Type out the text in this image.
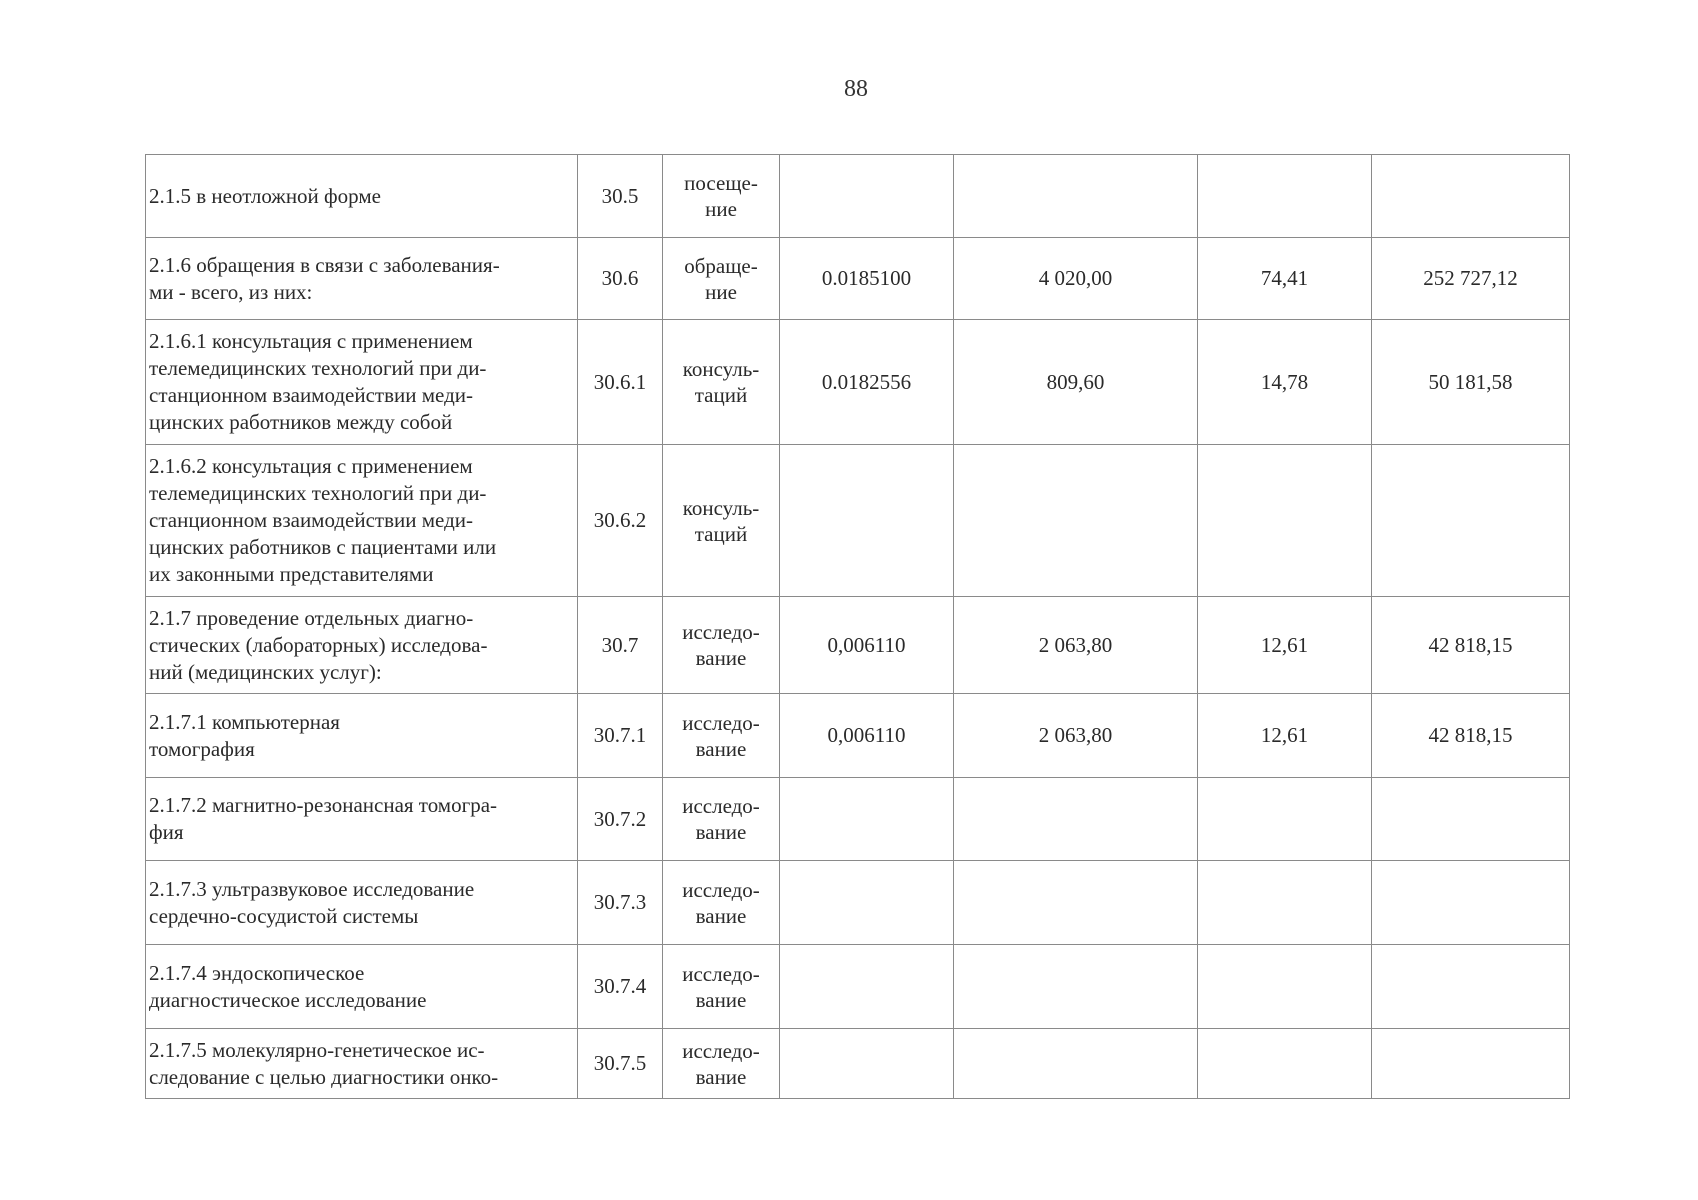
88
2.1.5 в неотложной форме	30.5	посеще-
ние				

2.1.6 обращения в связи с заболевания-
ми - всего, из них:	30.6	обраще-
ние	0.0185100	4 020,00	74,41	252 727,12

2.1.6.1 консультация с применением
телемедицинских технологий при ди-
станционном взаимодействии меди-
цинских работников между собой	30.6.1	консуль-
таций	0.0182556	809,60	14,78	50 181,58

2.1.6.2 консультация с применением
телемедицинских технологий при ди-
станционном взаимодействии меди-
цинских работников с пациентами или
их законными представителями	30.6.2	консуль-
таций				

2.1.7 проведение отдельных диагно-
стических (лабораторных) исследова-
ний (медицинских услуг):	30.7	исследо-
вание	0,006110	2 063,80	12,61	42 818,15

2.1.7.1 компьютерная
томография	30.7.1	исследо-
вание	0,006110	2 063,80	12,61	42 818,15

2.1.7.2 магнитно-резонансная томогра-
фия	30.7.2	исследо-
вание				

2.1.7.3 ультразвуковое исследование
сердечно-сосудистой системы	30.7.3	исследо-
вание				

2.1.7.4 эндоскопическое
диагностическое исследование	30.7.4	исследо-
вание				

2.1.7.5 молекулярно-генетическое ис-
следование с целью диагностики онко-	30.7.5	исследо-
вание				
